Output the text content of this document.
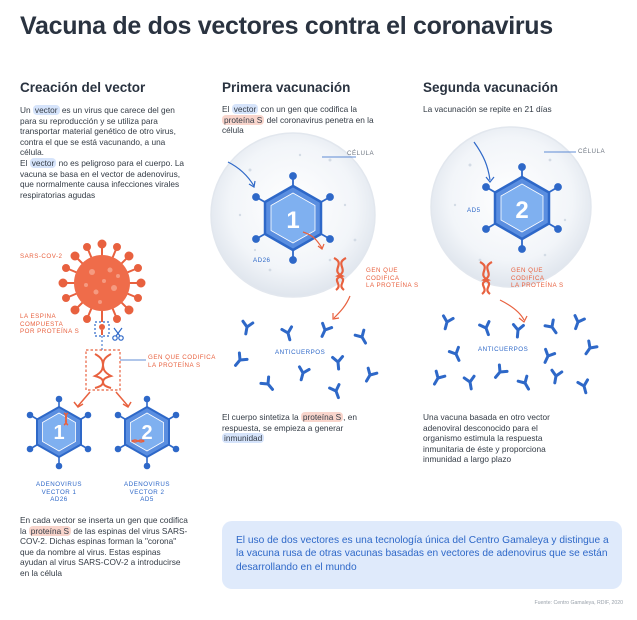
1	2
1	2
Vacuna de dos vectores contra el coronavirus

Creación del vector

Un vector es un virus que carece del gen para su reproducción y se utiliza para transportar material genético de otro virus, contra el que se está vacunando, a una célula.
El vector no es peligroso para el cuerpo. La vacuna se basa en el vector de adenovirus, que normalmente causa infecciones virales respiratorias agudas

SARS-COV-2
LA ESPINA
COMPUESTA
POR PROTEÍNA S
GEN QUE CODIFICA
LA PROTEÍNA S
ADENOVIRUS
VECTOR 1
AD26
ADENOVIRUS
VECTOR 2
AD5

En cada vector se inserta un gen que codifica la proteína S de las espinas del virus SARS-COV-2. Dichas espinas forman la "corona" que da nombre al virus. Estas espinas ayudan al virus SARS-COV-2 a introducirse en la célula

Primera vacunación

El vector con un gen que codifica la proteína S del coronavirus penetra en la célula

CÉLULA
AD26
GEN QUE
CODIFICA
LA PROTEÍNA S
ANTICUERPOS

El cuerpo sintetiza la proteína S , en respuesta, se empieza a generar inmunidad

Segunda vacunación

La vacunación se repite en 21 días

CÉLULA
AD5
GEN QUE
CODIFICA
LA PROTEÍNA S
ANTICUERPOS

Una vacuna basada en otro vector adenoviral desconocido para el organismo estimula la respuesta inmunitaria de éste y proporciona inmunidad a largo plazo

El uso de dos vectores es una tecnología única del Centro Gamaleya y distingue a la vacuna rusa de otras vacunas basadas en vectores de adenovirus que se están desarrollando en el mundo

Fuente: Centro Gamaleya, RDIF, 2020
